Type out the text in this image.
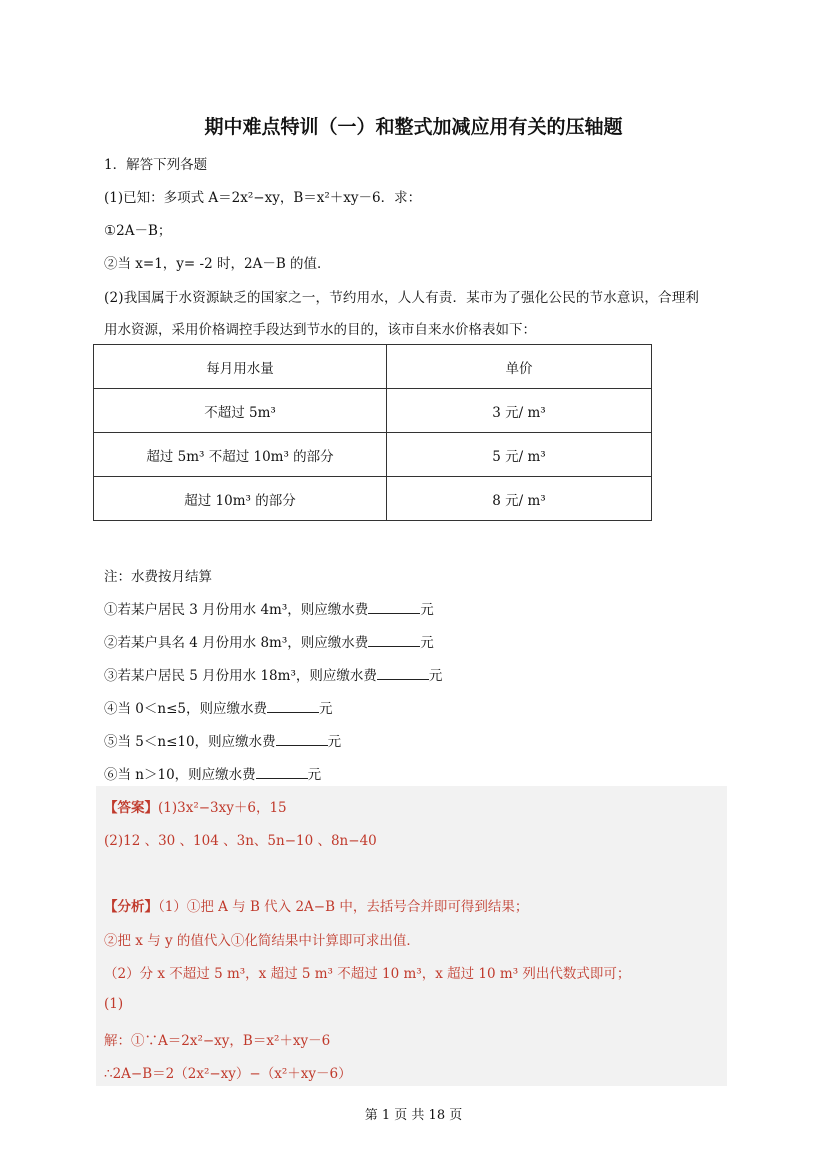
期中难点特训（一）和整式加减应用有关的压轴题
1．解答下列各题
(1)已知：多项式 A＝2x²−xy，B＝x²＋xy－6．求：
①2A－B；
②当 x=1，y= -2 时，2A－B 的值．
(2)我国属于水资源缺乏的国家之一，节约用水，人人有责．某市为了强化公民的节水意识，合理利
用水资源，采用价格调控手段达到节水的目的，该市自来水价格表如下：
每月用水量	单价
不超过 5m³	3 元/ m³
超过 5m³ 不超过 10m³ 的部分	5 元/ m³
超过 10m³ 的部分	8 元/ m³
注：水费按月结算
①若某户居民 3 月份用水 4m³，则应缴水费	元
②若某户具名 4 月份用水 8m³，则应缴水费	元
③若某户居民 5 月份用水 18m³，则应缴水费	元
④当 0＜n≤5，则应缴水费	元
⑤当 5＜n≤10，则应缴水费	元
⑥当 n＞10，则应缴水费	元
【答案】(1)3x²−3xy＋6，15
(2)12 、30 、104 、3n、5n−10 、8n−40
【分析】（1）①把 A 与 B 代入 2A−B 中，去括号合并即可得到结果；
②把 x 与 y 的值代入①化简结果中计算即可求出值．
（2）分 x 不超过 5 m³，x 超过 5 m³ 不超过 10 m³，x 超过 10 m³ 列出代数式即可；
(1)
解：①∵A＝2x²−xy，B＝x²＋xy－6
∴2A−B＝2（2x²−xy）−（x²＋xy－6）
第 1 页 共 18 页
